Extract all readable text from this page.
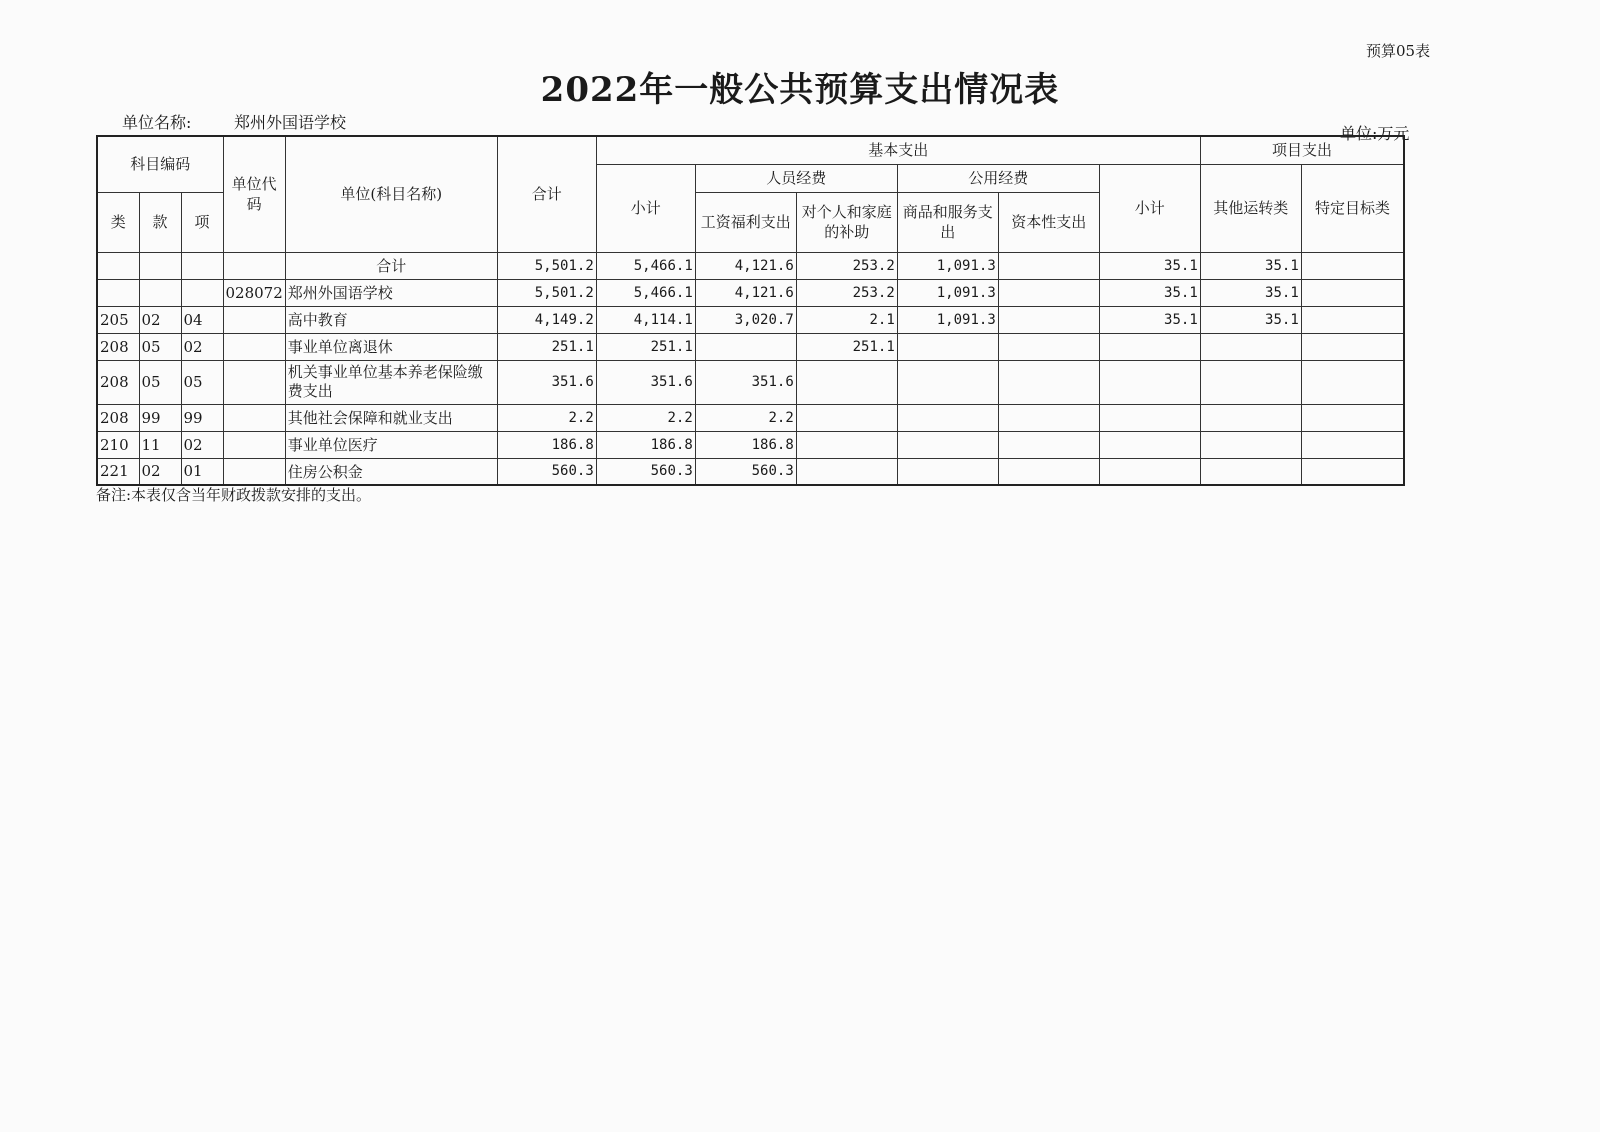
预算05表
2022年一般公共预算支出情况表
单位名称:	郑州外国语学校
单位:万元
科目编码			单位代码	单位(科目名称)	合计	基本支出						项目支出	
						小计	人员经费		公用经费		小计	其他运转类	特定目标类
类	款	项					工资福利支出	对个人和家庭的补助	商品和服务支出	资本性支出			

				合计	5,501.2	5,466.1	4,121.6	253.2	1,091.3		35.1	35.1	
			028072	郑州外国语学校	5,501.2	5,466.1	4,121.6	253.2	1,091.3		35.1	35.1	
205	02	04		高中教育	4,149.2	4,114.1	3,020.7	2.1	1,091.3		35.1	35.1	
208	05	02		事业单位离退休	251.1	251.1		251.1					
208	05	05		机关事业单位基本养老保险缴费支出	351.6	351.6	351.6						
208	99	99		其他社会保障和就业支出	2.2	2.2	2.2						
210	11	02		事业单位医疗	186.8	186.8	186.8						
221	02	01		住房公积金	560.3	560.3	560.3						
备注:本表仅含当年财政拨款安排的支出。
